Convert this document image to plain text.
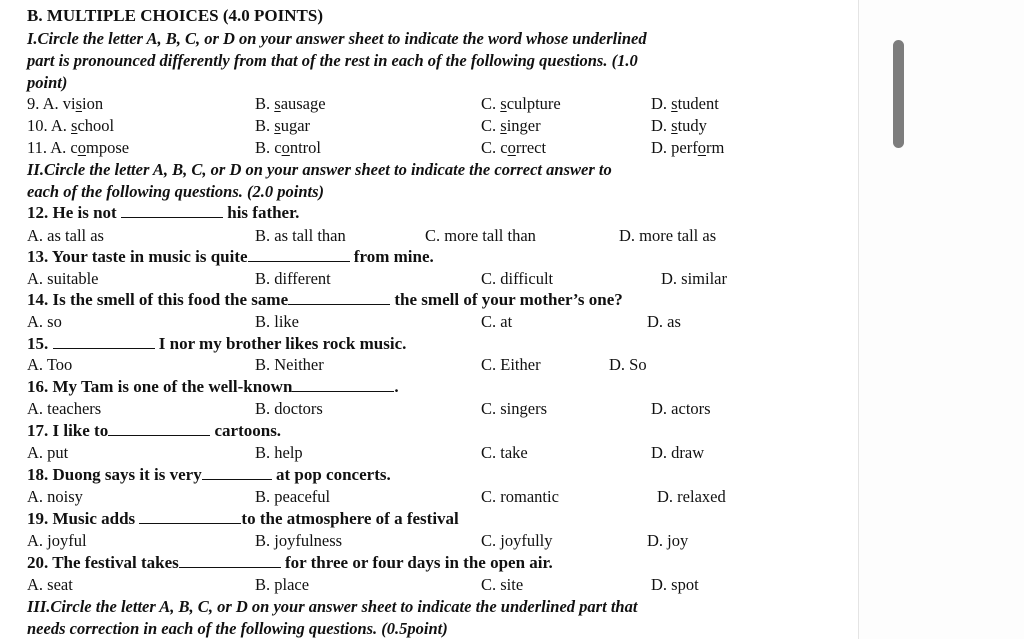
B. MULTIPLE CHOICES (4.0 POINTS)
I.Circle the letter A, B, C, or D on your answer sheet to indicate the word whose underlined
part is pronounced differently from that of the rest in each of the following questions. (1.0
point)
9. A. vision	B. sausage	C. sculpture	D. student
10. A. school	B. sugar	C. singer	D. study
11. A. compose	B. control	C. correct	D. perform
II.Circle the letter A, B, C, or D on your answer sheet to indicate the correct answer to
each of the following questions. (2.0 points)
12. He is not	his father.
A. as tall as	B. as tall than	C. more tall than	D. more tall as
13. Your taste in music is quite	from mine.
A. suitable	B. different	C. difficult	D. similar
14. Is the smell of this food the same	the smell of your mother’s one?
A. so	B. like	C. at	D. as
15.	I nor my brother likes rock music.
A. Too	B. Neither	C. Either	D. So
16. My Tam is one of the well-known	.
A. teachers	B. doctors	C. singers	D. actors
17. I like to	cartoons.
A. put	B. help	C. take	D. draw
18. Duong says it is very	at pop concerts.
A. noisy	B. peaceful	C. romantic	D. relaxed
19. Music adds	to the atmosphere of a festival
A. joyful	B. joyfulness	C. joyfully	D. joy
20. The festival takes	for three or four days in the open air.
A. seat	B. place	C. site	D. spot
III.Circle the letter A, B, C, or D on your answer sheet to indicate the underlined part that
needs correction in each of the following questions. (0.5point)
